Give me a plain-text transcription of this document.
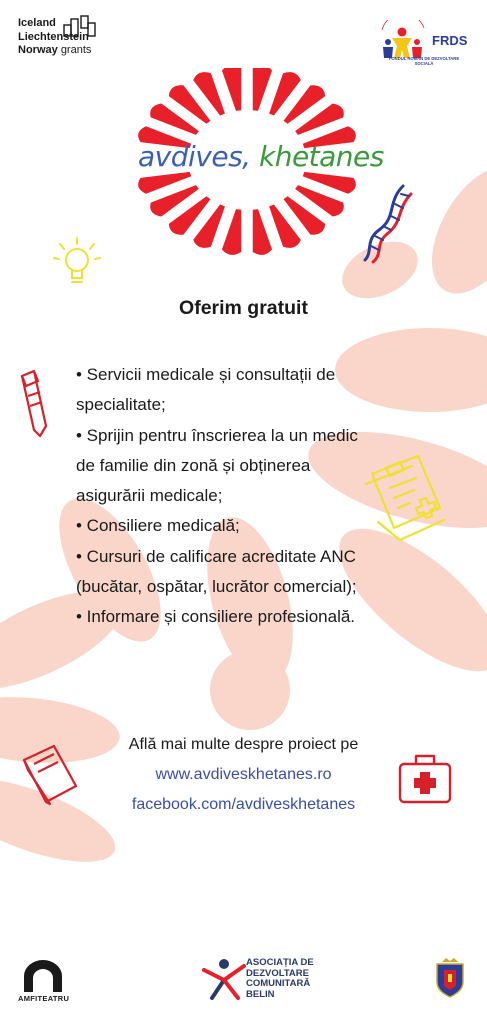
Iceland
Liechtenstein
Norway grants
FRDS
FONDUL ROMÂN DE DEZVOLTARE SOCIALĂ
avdives, khetanes
Oferim gratuit
• Servicii medicale și consultații de
specialitate;
• Sprijin pentru înscrierea la un medic
de familie din zonă și obținerea
asigurării medicale;
• Consiliere medicală;
• Cursuri de calificare acreditate ANC
(bucătar, ospătar, lucrător comercial);
• Informare și consiliere profesională.
Află mai multe despre proiect pe
www.avdiveskhetanes.ro
facebook.com/avdiveskhetanes
AMFITEATRU
ASOCIAȚIA DE
DEZVOLTARE
COMUNITARĂ
BELIN
